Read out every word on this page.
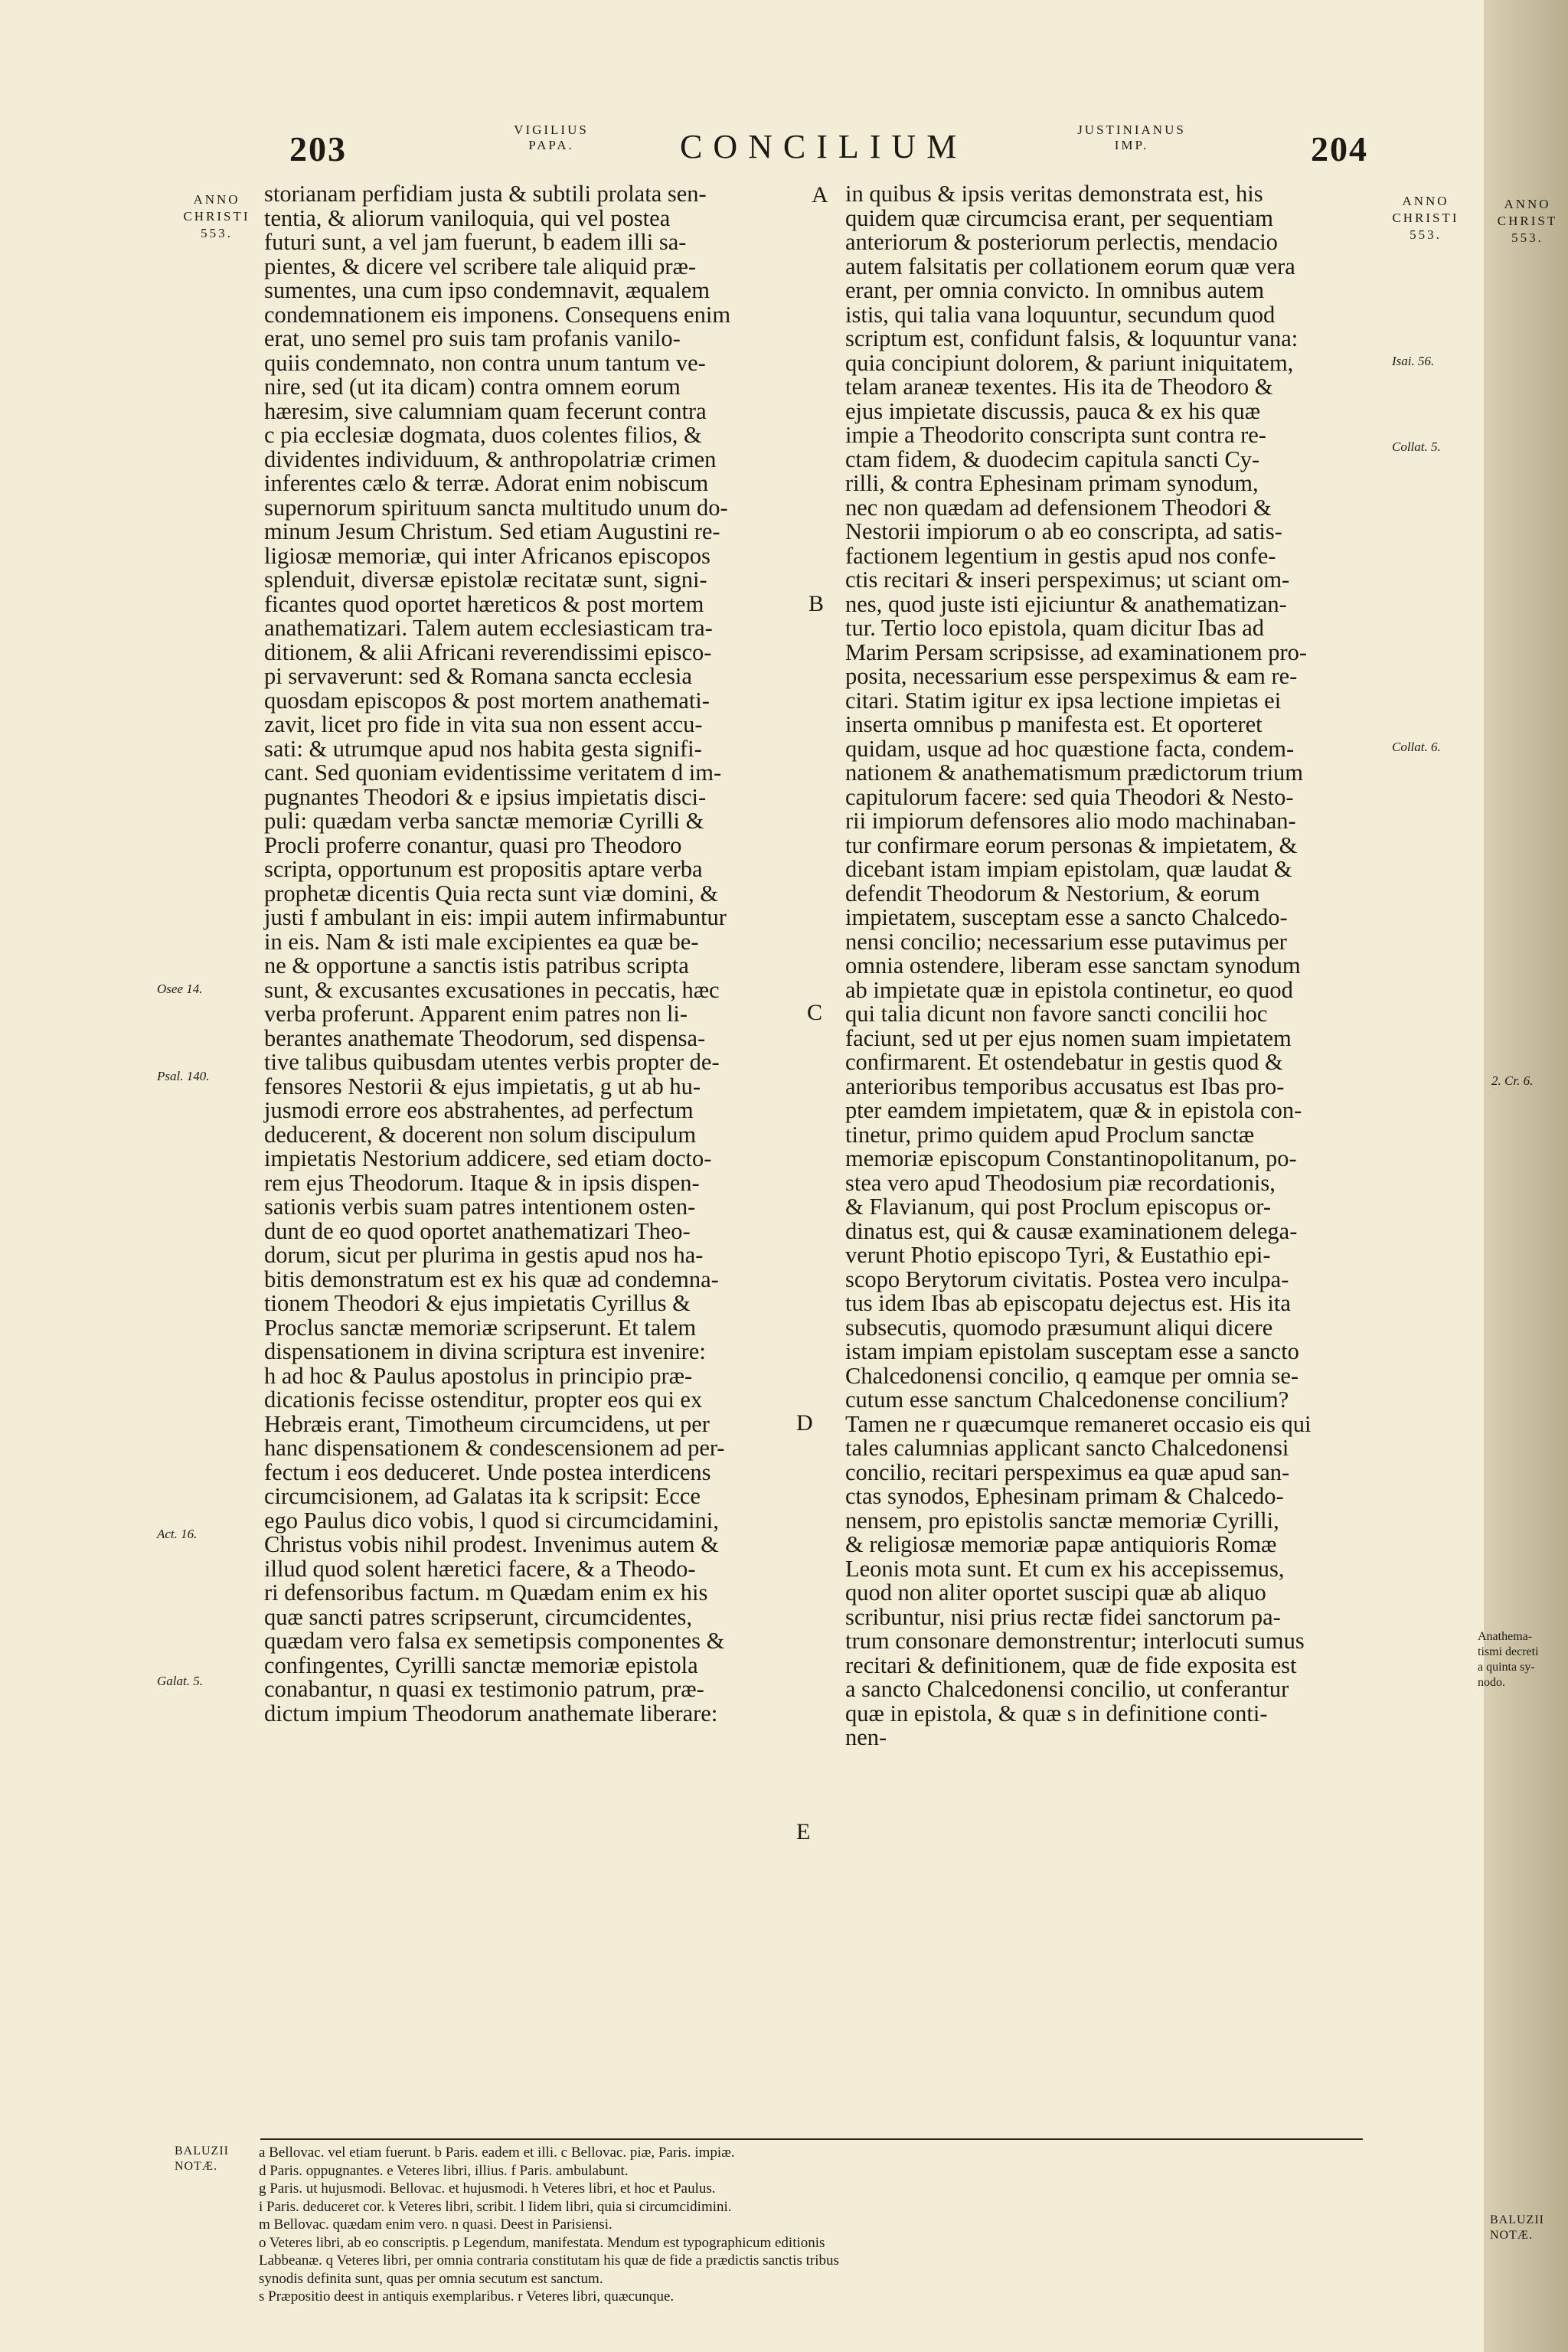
203	VIGILIUS
PAPA.	CONCILIUM	JUSTINIANUS
IMP.	204
ANNO
CHRISTI
553.
ANNO
CHRISTI
553.
ANNO
CHRIST
553.
Osee 14.
Psal. 140.
Act. 16.
Galat. 5.
Isai. 56.
Collat. 5.
Collat. 6.
2. Cr. 6.
Anathema-
tismi decreti
a quinta sy-
nodo.
A
B
C
D
E
storianam perfidiam justa & subtili prolata sen-
tentia, & aliorum vaniloquia, qui vel postea
futuri sunt, a vel jam fuerunt, b eadem illi sa-
pientes, & dicere vel scribere tale aliquid præ-
sumentes, una cum ipso condemnavit, æqualem
condemnationem eis imponens. Consequens enim
erat, uno semel pro suis tam profanis vanilo-
quiis condemnato, non contra unum tantum ve-
nire, sed (ut ita dicam) contra omnem eorum
hæresim, sive calumniam quam fecerunt contra
c pia ecclesiæ dogmata, duos colentes filios, &
dividentes individuum, & anthropolatriæ crimen
inferentes cælo & terræ. Adorat enim nobiscum
supernorum spirituum sancta multitudo unum do-
minum Jesum Christum. Sed etiam Augustini re-
ligiosæ memoriæ, qui inter Africanos episcopos
splenduit, diversæ epistolæ recitatæ sunt, signi-
ficantes quod oportet hæreticos & post mortem
anathematizari. Talem autem ecclesiasticam tra-
ditionem, & alii Africani reverendissimi episco-
pi servaverunt: sed & Romana sancta ecclesia
quosdam episcopos & post mortem anathemati-
zavit, licet pro fide in vita sua non essent accu-
sati: & utrumque apud nos habita gesta signifi-
cant. Sed quoniam evidentissime veritatem d im-
pugnantes Theodori & e ipsius impietatis disci-
puli: quædam verba sanctæ memoriæ Cyrilli &
Procli proferre conantur, quasi pro Theodoro
scripta, opportunum est propositis aptare verba
prophetæ dicentis Quia recta sunt viæ domini, &
justi f ambulant in eis: impii autem infirmabuntur
in eis. Nam & isti male excipientes ea quæ be-
ne & opportune a sanctis istis patribus scripta
sunt, & excusantes excusationes in peccatis, hæc
verba proferunt. Apparent enim patres non li-
berantes anathemate Theodorum, sed dispensa-
tive talibus quibusdam utentes verbis propter de-
fensores Nestorii & ejus impietatis, g ut ab hu-
jusmodi errore eos abstrahentes, ad perfectum
deducerent, & docerent non solum discipulum
impietatis Nestorium addicere, sed etiam docto-
rem ejus Theodorum. Itaque & in ipsis dispen-
sationis verbis suam patres intentionem osten-
dunt de eo quod oportet anathematizari Theo-
dorum, sicut per plurima in gestis apud nos ha-
bitis demonstratum est ex his quæ ad condemna-
tionem Theodori & ejus impietatis Cyrillus &
Proclus sanctæ memoriæ scripserunt. Et talem
dispensationem in divina scriptura est invenire:
h ad hoc & Paulus apostolus in principio præ-
dicationis fecisse ostenditur, propter eos qui ex
Hebræis erant, Timotheum circumcidens, ut per
hanc dispensationem & condescensionem ad per-
fectum i eos deduceret. Unde postea interdicens
circumcisionem, ad Galatas ita k scripsit: Ecce
ego Paulus dico vobis, l quod si circumcidamini,
Christus vobis nihil prodest. Invenimus autem &
illud quod solent hæretici facere, & a Theodo-
ri defensoribus factum. m Quædam enim ex his
quæ sancti patres scripserunt, circumcidentes,
quædam vero falsa ex semetipsis componentes &
confingentes, Cyrilli sanctæ memoriæ epistola
conabantur, n quasi ex testimonio patrum, præ-
dictum impium Theodorum anathemate liberare:
in quibus & ipsis veritas demonstrata est, his
quidem quæ circumcisa erant, per sequentiam
anteriorum & posteriorum perlectis, mendacio
autem falsitatis per collationem eorum quæ vera
erant, per omnia convicto. In omnibus autem
istis, qui talia vana loquuntur, secundum quod
scriptum est, confidunt falsis, & loquuntur vana:
quia concipiunt dolorem, & pariunt iniquitatem,
telam araneæ texentes. His ita de Theodoro &
ejus impietate discussis, pauca & ex his quæ
impie a Theodorito conscripta sunt contra re-
ctam fidem, & duodecim capitula sancti Cy-
rilli, & contra Ephesinam primam synodum,
nec non quædam ad defensionem Theodori &
Nestorii impiorum o ab eo conscripta, ad satis-
factionem legentium in gestis apud nos confe-
ctis recitari & inseri perspeximus; ut sciant om-
nes, quod juste isti ejiciuntur & anathematizan-
tur. Tertio loco epistola, quam dicitur Ibas ad
Marim Persam scripsisse, ad examinationem pro-
posita, necessarium esse perspeximus & eam re-
citari. Statim igitur ex ipsa lectione impietas ei
inserta omnibus p manifesta est. Et oporteret
quidam, usque ad hoc quæstione facta, condem-
nationem & anathematismum prædictorum trium
capitulorum facere: sed quia Theodori & Nesto-
rii impiorum defensores alio modo machinaban-
tur confirmare eorum personas & impietatem, &
dicebant istam impiam epistolam, quæ laudat &
defendit Theodorum & Nestorium, & eorum
impietatem, susceptam esse a sancto Chalcedo-
nensi concilio; necessarium esse putavimus per
omnia ostendere, liberam esse sanctam synodum
ab impietate quæ in epistola continetur, eo quod
qui talia dicunt non favore sancti concilii hoc
faciunt, sed ut per ejus nomen suam impietatem
confirmarent. Et ostendebatur in gestis quod &
anterioribus temporibus accusatus est Ibas pro-
pter eamdem impietatem, quæ & in epistola con-
tinetur, primo quidem apud Proclum sanctæ
memoriæ episcopum Constantinopolitanum, po-
stea vero apud Theodosium piæ recordationis,
& Flavianum, qui post Proclum episcopus or-
dinatus est, qui & causæ examinationem delega-
verunt Photio episcopo Tyri, & Eustathio epi-
scopo Berytorum civitatis. Postea vero inculpa-
tus idem Ibas ab episcopatu dejectus est. His ita
subsecutis, quomodo præsumunt aliqui dicere
istam impiam epistolam susceptam esse a sancto
Chalcedonensi concilio, q eamque per omnia se-
cutum esse sanctum Chalcedonense concilium?
Tamen ne r quæcumque remaneret occasio eis qui
tales calumnias applicant sancto Chalcedonensi
concilio, recitari perspeximus ea quæ apud san-
ctas synodos, Ephesinam primam & Chalcedo-
nensem, pro epistolis sanctæ memoriæ Cyrilli,
& religiosæ memoriæ papæ antiquioris Romæ
Leonis mota sunt. Et cum ex his accepissemus,
quod non aliter oportet suscipi quæ ab aliquo
scribuntur, nisi prius rectæ fidei sanctorum pa-
trum consonare demonstrentur; interlocuti sumus
recitari & definitionem, quæ de fide exposita est
a sancto Chalcedonensi concilio, ut conferantur
quæ in epistola, & quæ s in definitione conti-
nen-
BALUZII
NOTÆ.
BALUZII
NOTÆ.
a Bellovac. vel etiam fuerunt. b Paris. eadem et illi. c Bellovac. piæ, Paris. impiæ.
d Paris. oppugnantes. e Veteres libri, illius. f Paris. ambulabunt.
g Paris. ut hujusmodi. Bellovac. et hujusmodi. h Veteres libri, et hoc et Paulus.
i Paris. deduceret cor. k Veteres libri, scribit. l Iidem libri, quia si circumcidimini.
m Bellovac. quædam enim vero. n quasi. Deest in Parisiensi.
o Veteres libri, ab eo conscriptis. p Legendum, manifestata. Mendum est typographicum editionis
Labbeanæ. q Veteres libri, per omnia contraria constitutam his quæ de fide a prædictis sanctis tribus
synodis definita sunt, quas per omnia secutum est sanctum.
s Præpositio deest in antiquis exemplaribus. r Veteres libri, quæcunque.
